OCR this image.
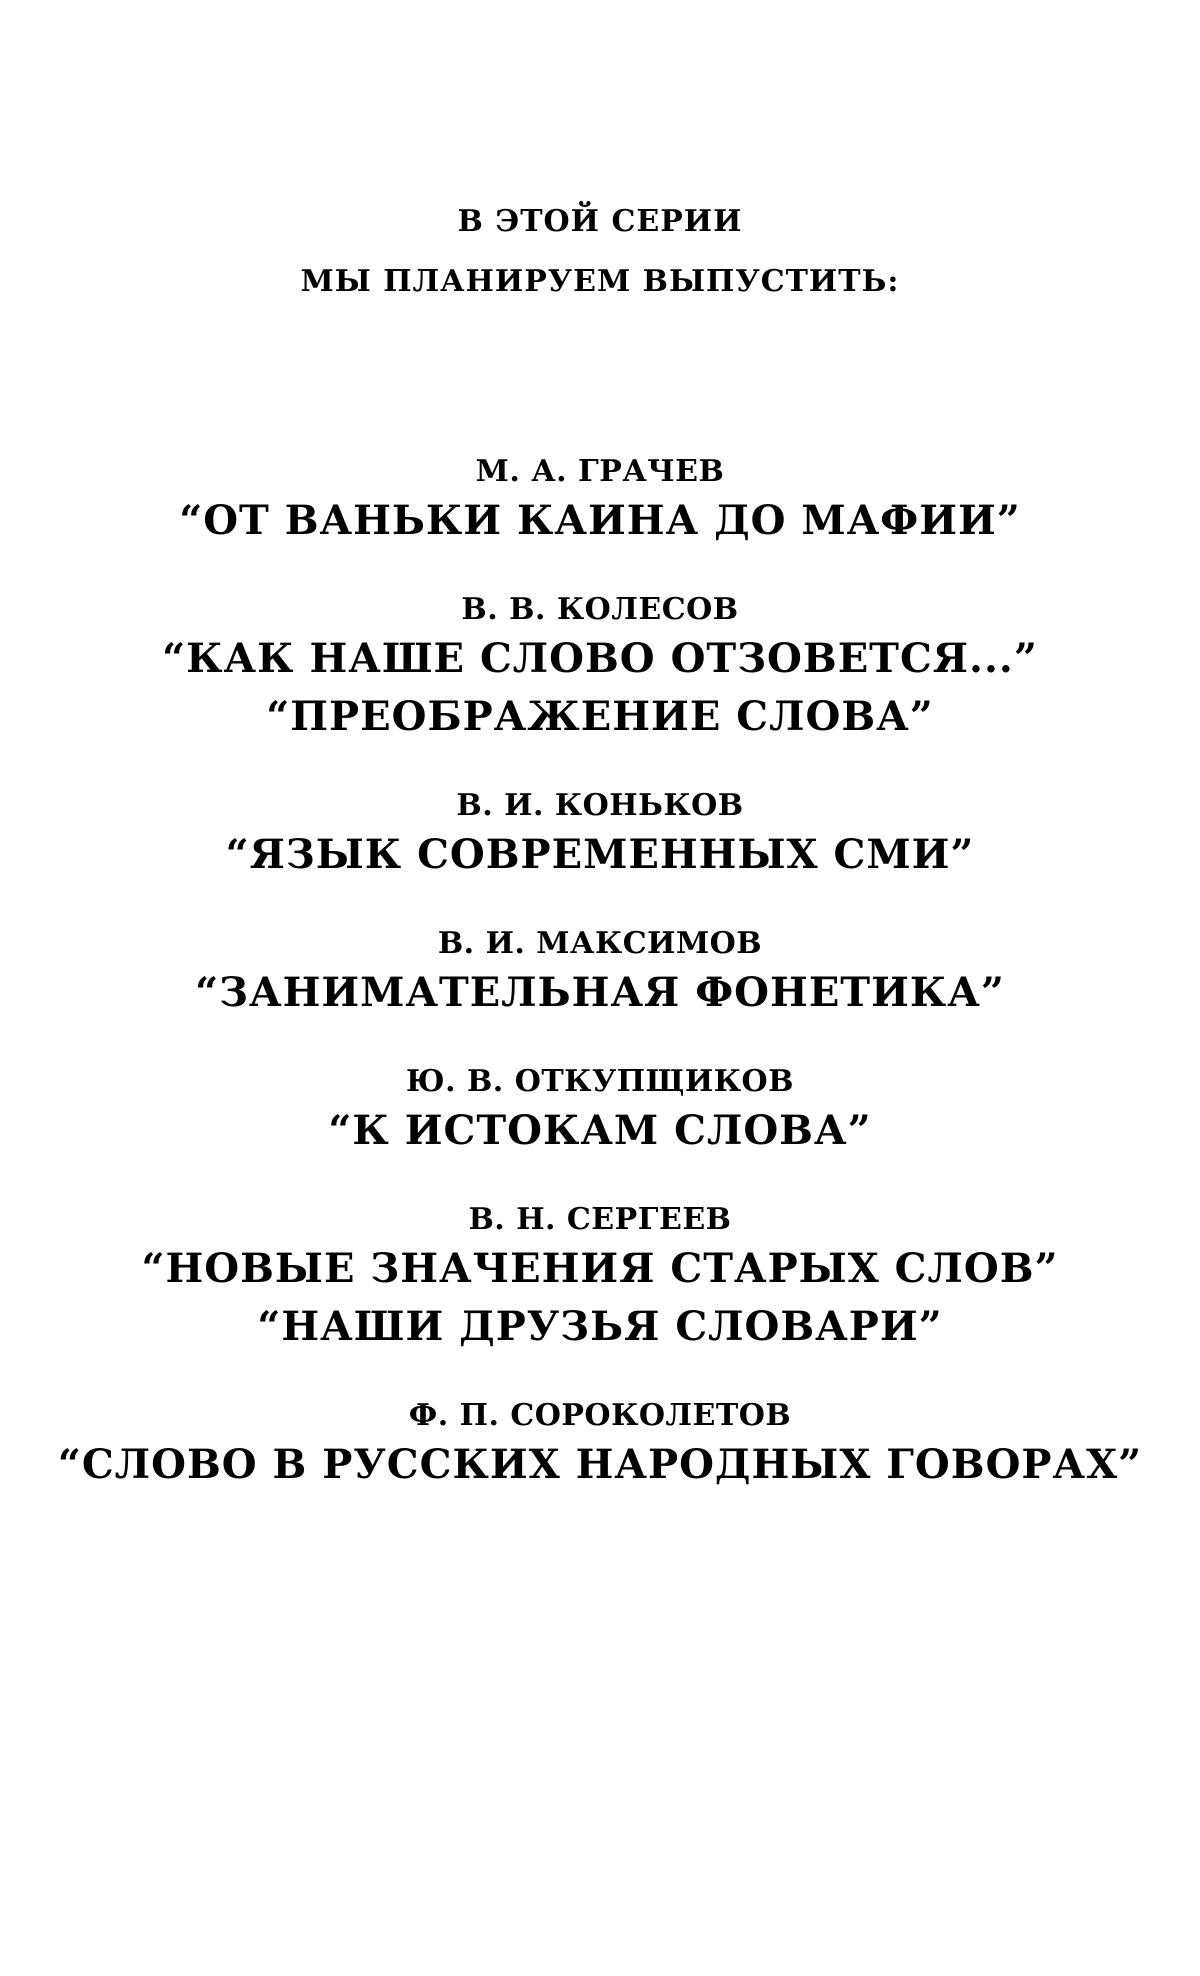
В ЭТОЙ СЕРИИ
МЫ ПЛАНИРУЕМ ВЫПУСТИТЬ:
М. А. ГРАЧЕВ
“ОТ ВАНЬКИ КАИНА ДО МАФИИ”
В. В. КОЛЕСОВ
“КАК НАШЕ СЛОВО ОТЗОВЕТСЯ...”
“ПРЕОБРАЖЕНИЕ СЛОВА”
В. И. КОНЬКОВ
“ЯЗЫК СОВРЕМЕННЫХ СМИ”
В. И. МАКСИМОВ
“ЗАНИМАТЕЛЬНАЯ ФОНЕТИКА”
Ю. В. ОТКУПЩИКОВ
“К ИСТОКАМ СЛОВА”
В. Н. СЕРГЕЕВ
“НОВЫЕ ЗНАЧЕНИЯ СТАРЫХ СЛОВ”
“НАШИ ДРУЗЬЯ СЛОВАРИ”
Ф. П. СОРОКОЛЕТОВ
“СЛОВО В РУССКИХ НАРОДНЫХ ГОВОРАХ”
